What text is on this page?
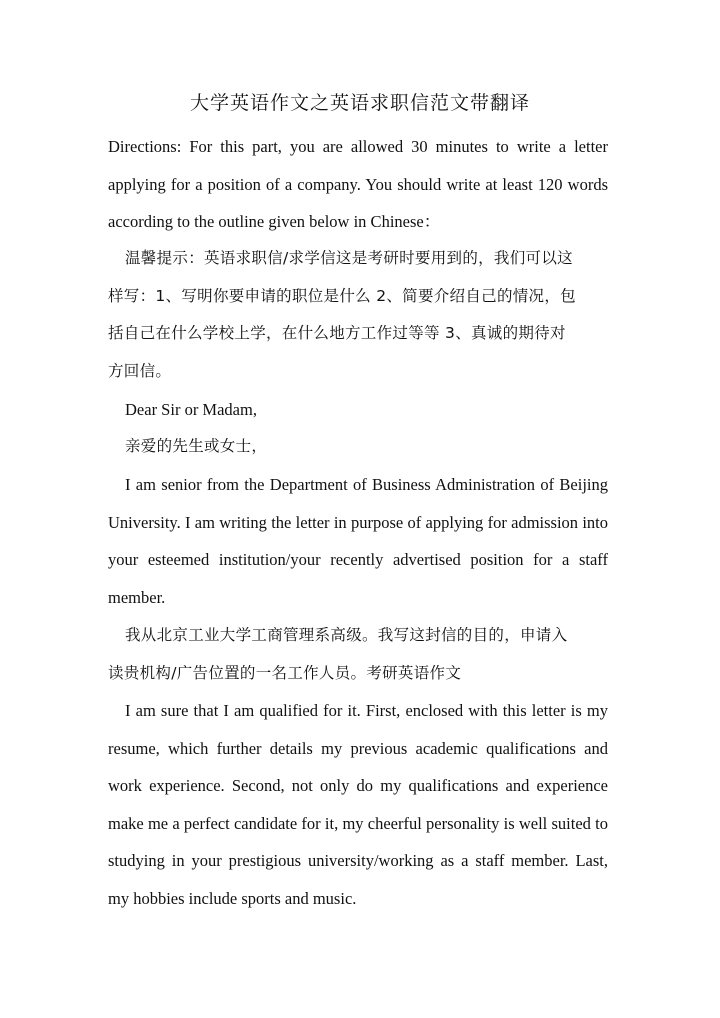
大学英语作文之英语求职信范文带翻译

Directions: For this part, you are allowed 30 minutes to write a letter applying for a position of a company. You should write at least 120 words according to the outline given below in Chinese：

温馨提示：英语求职信/求学信这是考研时要用到的，我们可以这
样写：1、写明你要申请的职位是什么 2、简要介绍自己的情况，包
括自己在什么学校上学，在什么地方工作过等等 3、真诚的期待对
方回信。

Dear Sir or Madam,

亲爱的先生或女士，

I am senior from the Department of Business Administration of Beijing University. I am writing the letter in purpose of applying for admission into your esteemed institution/your recently advertised position for a staff member.

我从北京工业大学工商管理系高级。我写这封信的目的，申请入
读贵机构/广告位置的一名工作人员。考研英语作文

I am sure that I am qualified for it. First, enclosed with this letter is my resume, which further details my previous academic qualifications and work experience. Second, not only do my qualifications and experience make me a perfect candidate for it, my cheerful personality is well suited to studying in your prestigious university/working as a staff member. Last, my hobbies include sports and music.
